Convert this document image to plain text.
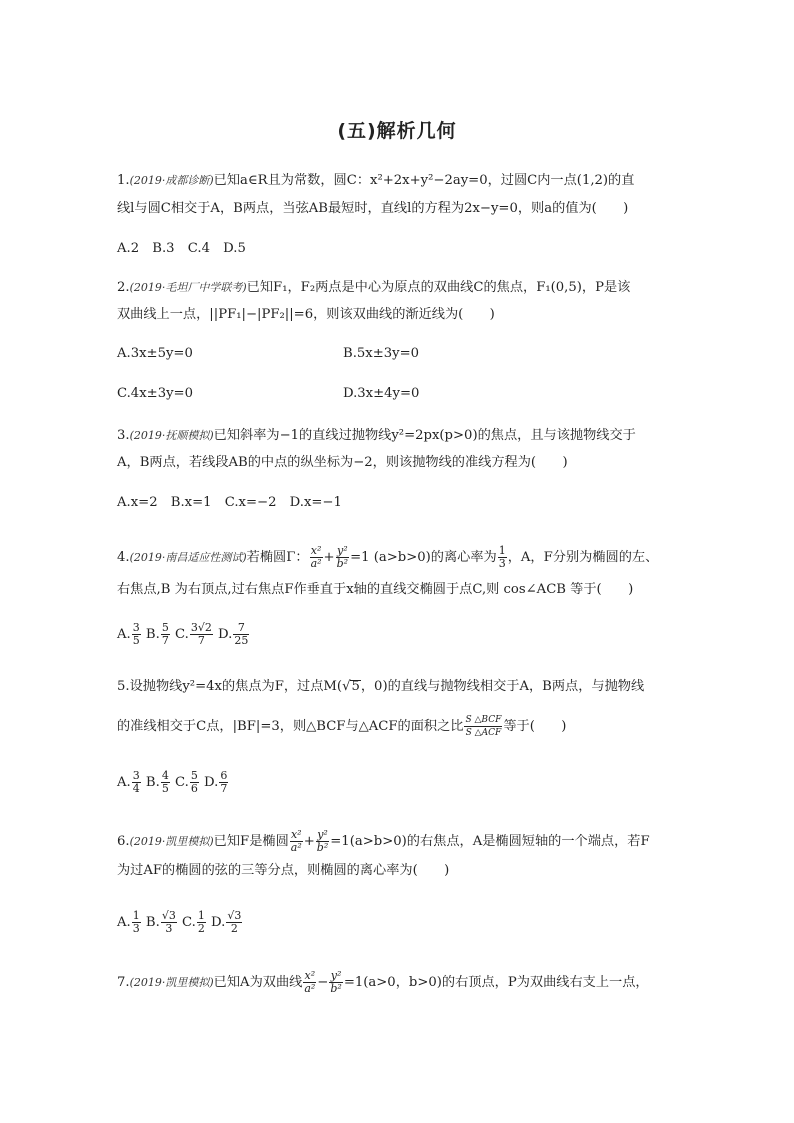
(五)解析几何
1.(2019·成都诊断)已知a∈R且为常数，圆C：x²+2x+y²−2ay=0，过圆C内一点(1,2)的直
线l与圆C相交于A，B两点，当弦AB最短时，直线l的方程为2x−y=0，则a的值为(　　)
A.2　B.3　C.4　D.5
2.(2019·毛坦厂中学联考)已知F₁，F₂两点是中心为原点的双曲线C的焦点，F₁(0,5)，P是该
双曲线上一点，||PF₁|−|PF₂||=6，则该双曲线的渐近线为(　　)
A.3x±5y=0	B.5x±3y=0
C.4x±3y=0	D.3x±4y=0
3.(2019·抚顺模拟)已知斜率为−1的直线过抛物线y²=2px(p>0)的焦点，且与该抛物线交于
A，B两点，若线段AB的中点的纵坐标为−2，则该抛物线的准线方程为(　　)
A.x=2　B.x=1　C.x=−2　D.x=−1
4.(2019·南昌适应性测试)若椭圆Γ： $\frac{\text{x²}}{\text{a²}} + \frac{\text{y²}}{\text{b²}} =1$ (a>b>0)的离心率为 $\frac{1}{3}$ ，A，F分别为椭圆的左、
右焦点,B 为右顶点,过右焦点F作垂直于x轴的直线交椭圆于点C,则 cos∠ACB 等于(　　)
A. $\frac{3}{5} B$. $\frac{5}{7} C$. $\frac{3√2}{7} D$. $\frac{7}{25}$
5.设抛物线y²=4x的焦点为F，过点M(√5，0)的直线与抛物线相交于A，B两点，与抛物线
的准线相交于C点，|BF|=3，则△BCF与△ACF的面积之比 $\frac{\text{S △BCF}}{\text{S △ACF}}$ 等于(　　)
A. $\frac{3}{4} B$. $\frac{4}{5} C$. $\frac{5}{6} D$. $\frac{6}{7}$
6.(2019·凯里模拟)已知F是椭圆 $\frac{\text{x²}}{\text{a²}} + \frac{\text{y²}}{\text{b²}} =1(a>b>0)$的右焦点，A是椭圆短轴的一个端点，若F
为过AF的椭圆的弦的三等分点，则椭圆的离心率为(　　)
A. $\frac{1}{3} B$. $\frac{√3}{3} C$. $\frac{1}{2} D$. $\frac{√3}{2}$
7.(2019·凯里模拟)已知A为双曲线 $\frac{\text{x²}}{\text{a²}} - \frac{\text{y²}}{\text{b²}} =1(a>0$，b>0)的右顶点，P为双曲线右支上一点，
